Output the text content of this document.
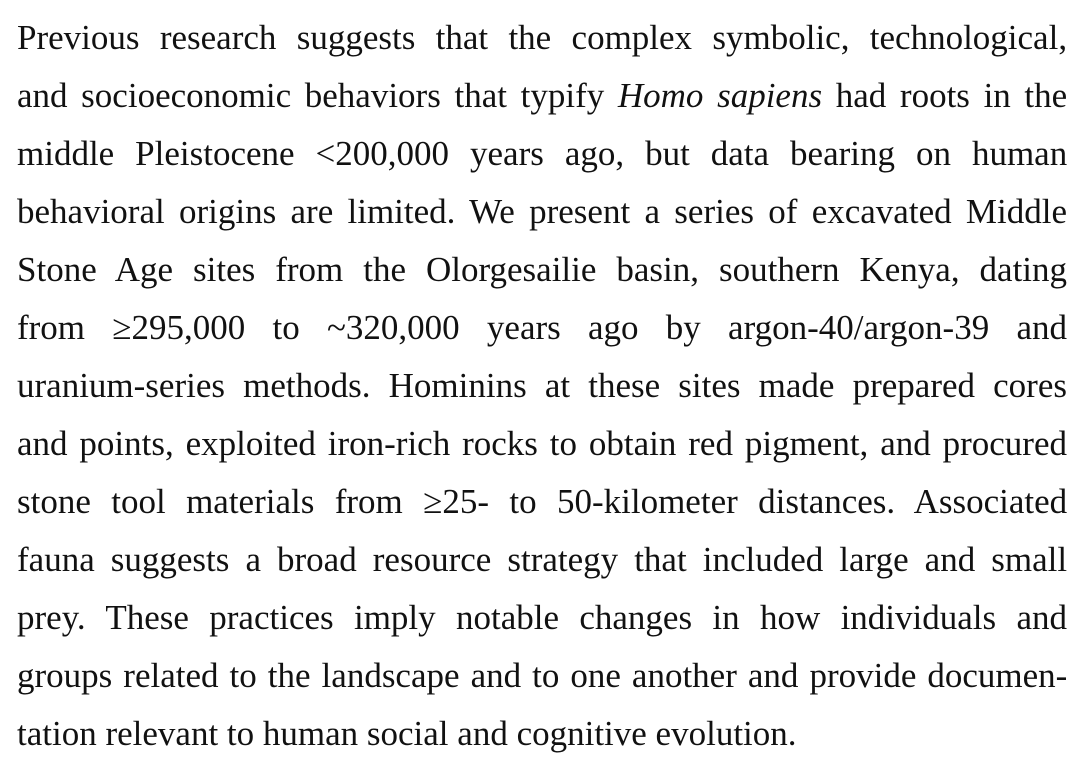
Previous research suggests that the complex symbolic, technological,
and socioeconomic behaviors that typify Homo sapiens had roots in the
middle Pleistocene <200,000 years ago, but data bearing on human
behavioral origins are limited. We present a series of excavated Middle
Stone Age sites from the Olorgesailie basin, southern Kenya, dating
from ≥295,000 to ~320,000 years ago by argon-40/argon-39 and
uranium-series methods. Hominins at these sites made prepared cores
and points, exploited iron-rich rocks to obtain red pigment, and procured
stone tool materials from ≥25- to 50-kilometer distances. Associated
fauna suggests a broad resource strategy that included large and small
prey. These practices imply notable changes in how individuals and
groups related to the landscape and to one another and provide documen-
tation relevant to human social and cognitive evolution.
